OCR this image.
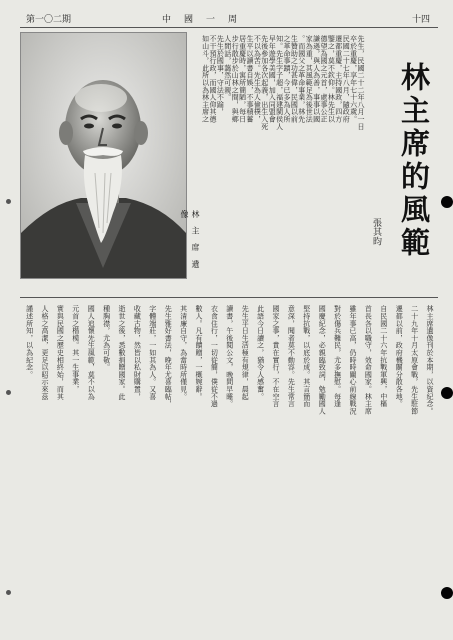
十四
中　國　一　周
第一〇二期
林主席的風範
張其昀
先生，民國二十二年八月一日
卒於重慶，享年七十六歲。
民國二十七年八月，隨政府
遷都重慶，主持國政，四方
鑒之，莫不欽仰。林先生以
德望為國之元首，處事公正
謙遜，與人為善，事事以國
家為重，其風範足為後世法
。而國父之革命事業，林先
生贊助之功甚偉，民國以前
之革命事蹟，今已多為人所
知。先生字子超，福建閩侯人
早年遊學美國，加入同盟會
先後參加各次起義，出生入死
不以為苦。先生為人儉樸，
生平以讀書自娛，不事積蓄
居重慶時，寓所簡陋，每日
步行散步於山林之間，與鄉
人閒話，藹然可親。
先生於國事，守法不踰，
不干預行政，而國人仰其德
如山斗，此所以為林主席之
林　主　席　遺　像
林主席遺像刊於本期，以資紀念。
二十九年十月太原會戰，先生駐節
遷都以前，政府機關分散各地。
自民國二十六年抗戰軍興，中樞
首長各以職守，效命國家。林主席
雖年事已高，仍時時關心前線戰況
對於傷兵難民，尤多撫慰。每逢
國慶紀念，必親臨致詞，勉勵國人
堅持抗戰，以底於成。其言簡而
意深，聞者莫不動容。先生常言
國家之事，貴在實行，不在空言
此語今日讀之，猶令人感奮。
先生平日生活極有規律，晨起
讀書，午後閱公文，晚間早睡。
衣食住行，一切從簡，僕從不過
數人。凡有饋贈，一概婉辭。
其清廉自守，為當時所僅見。
先生雅好書法，晚年尤喜臨帖，
字體端莊，一如其為人。又喜
收藏古物，然皆以私財購置，
逝世之後，悉數捐贈國家。此
種胸襟，尤為可敬。
國人追懷先生風範，莫不以為
元首之楷模。其一生事業，
實與民國之歷史相終始，而其
人格之高潔，更足以昭示來茲
謹述所知，以為紀念。
